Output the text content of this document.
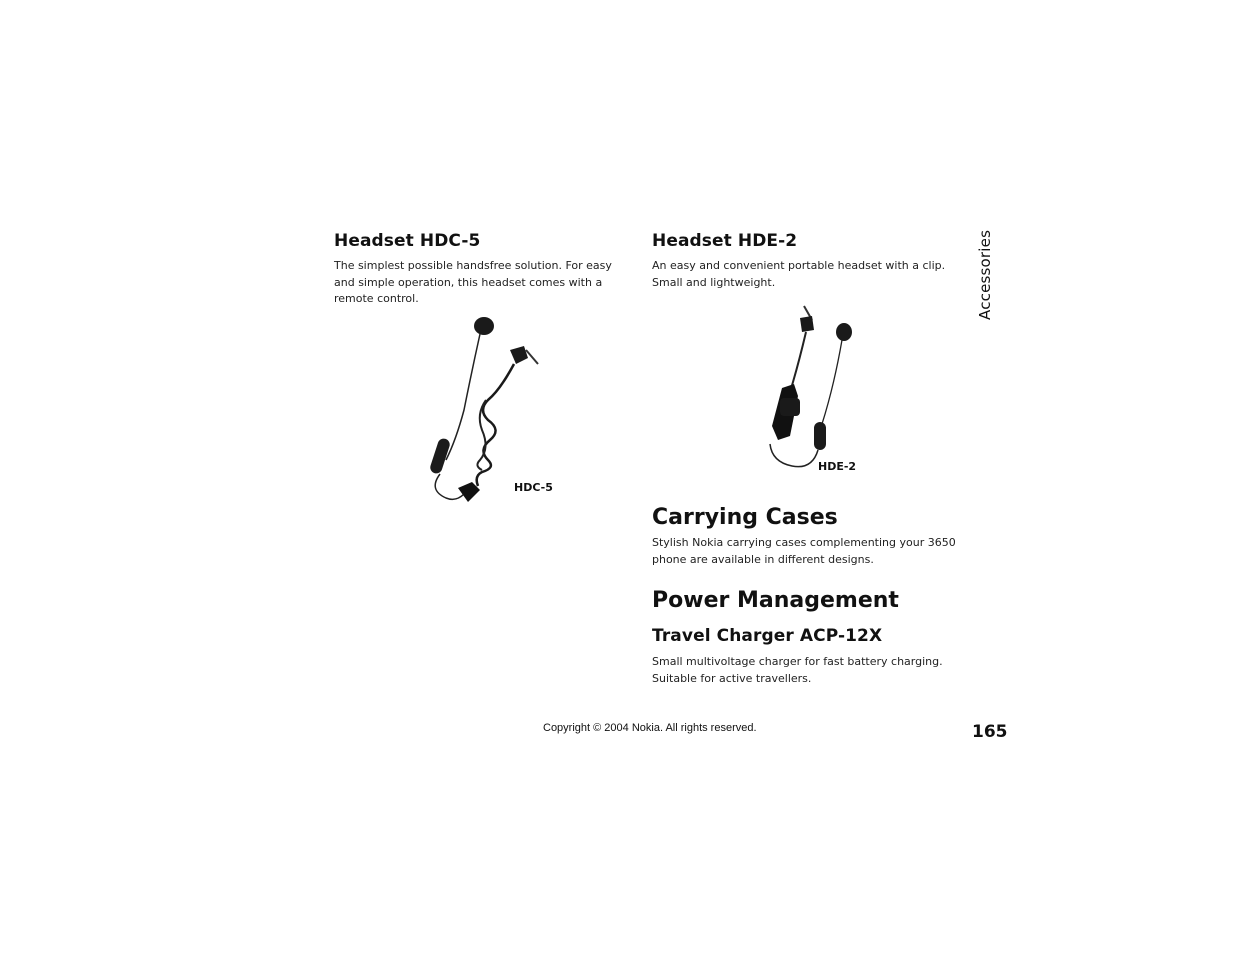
Accessories
Headset HDC-5

The simplest possible handsfree solution. For easy and simple operation, this headset comes with a remote control.

HDC-5
Headset HDE-2

An easy and convenient portable headset with a clip. Small and lightweight.

HDE-2
Carrying Cases

Stylish Nokia carrying cases complementing your 3650 phone are available in different designs.

Power Management
Travel Charger ACP-12X

Small multivoltage charger for fast battery charging. Suitable for active travellers.

Copyright © 2004 Nokia. All rights reserved.	165
